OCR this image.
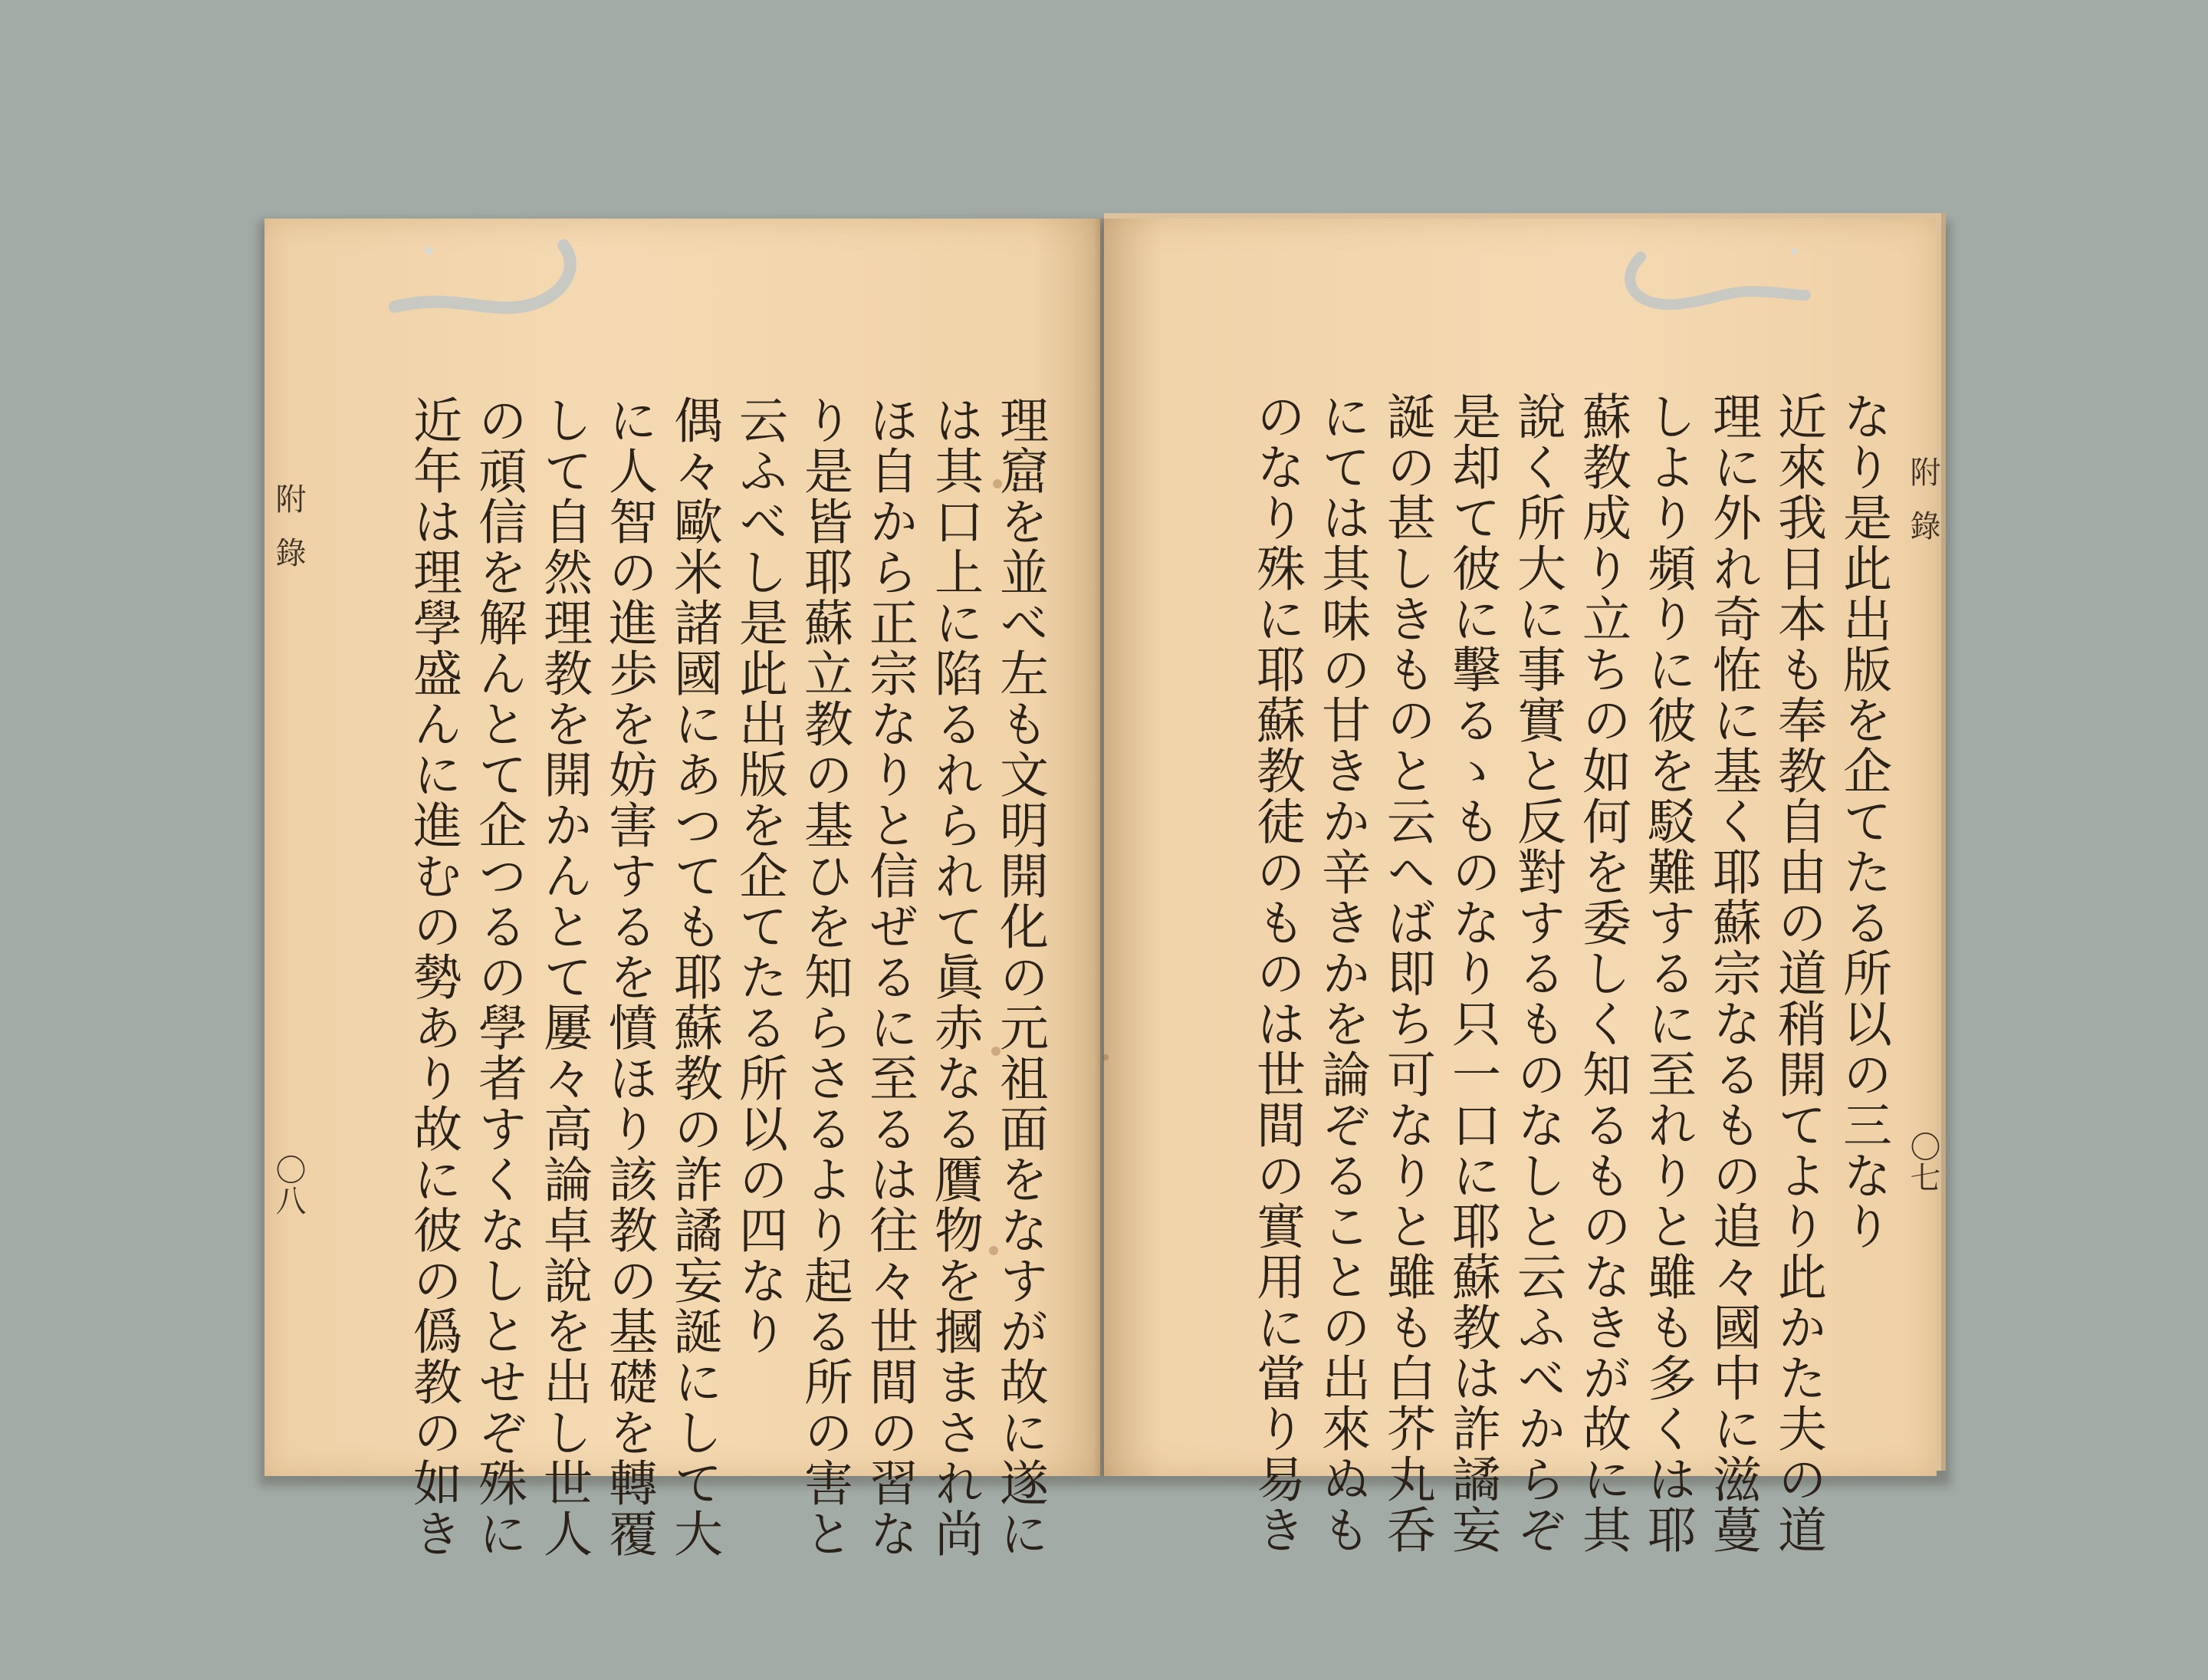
理窟を並べ左も文明開化の元祖面をなすが故に遂に
は其口上に陷るれられて眞赤なる贋物を摑まされ尚
ほ自から正宗なりと信ぜるに至るは往々世間の習な
り是皆耶蘇立教の基ひを知らさるより起る所の害と
云ふべし是此出版を企てたる所以の四なり
偶々歐米諸國にあつても耶蘇教の詐譎妄誕にして大
に人智の進歩を妨害するを憤ほり該教の基礎を轉覆
して自然理教を開かんとて屢々高論卓說を出し世人
の頑信を解んとて企つるの學者すくなしとせぞ殊に
近年は理學盛んに進むの勢あり故に彼の僞教の如き
附錄
〇八	なり是此出版を企てたる所以の三なり
近來我日本も奉教自由の道稍開てより此かた夫の道
理に外れ奇恠に基く耶蘇宗なるもの追々國中に滋蔓
しより頻りに彼を駁難するに至れりと雖も多くは耶
蘇教成り立ちの如何を委しく知るものなきが故に其
說く所大に事實と反對するものなしと云ふべからぞ
是却て彼に擊るゝものなり只一口に耶蘇教は詐譎妄
誕の甚しきものと云へば即ち可なりと雖も白芥丸呑
にては其味の甘きか辛きかを論ぞることの出來ぬも
のなり殊に耶蘇教徒のものは世間の實用に當り易き	附錄
〇七
